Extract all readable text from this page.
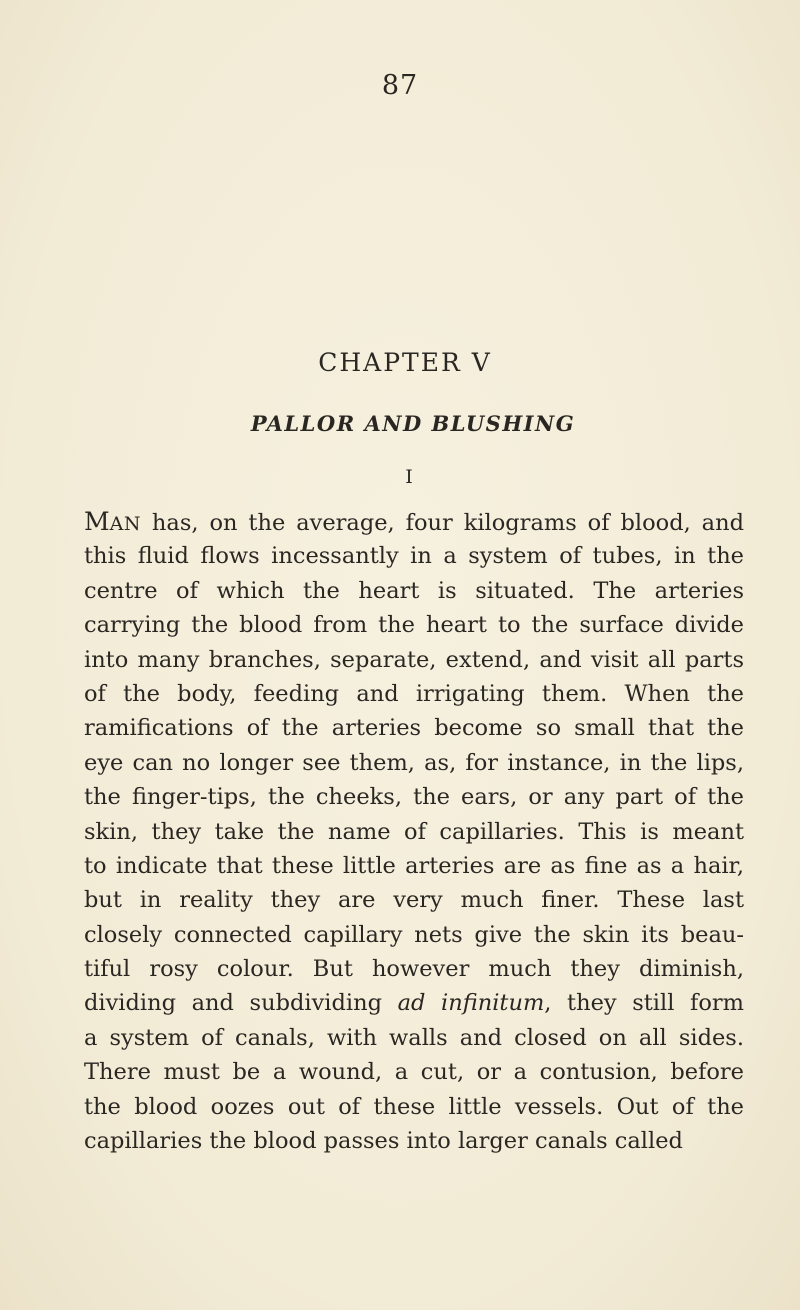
87
CHAPTER V
PALLOR AND BLUSHING
I
MAN has, on the average, four kilograms of blood, and
this fluid flows incessantly in a system of tubes, in the
centre of which the heart is situated. The arteries
carrying the blood from the heart to the surface divide
into many branches, separate, extend, and visit all parts
of the body, feeding and irrigating them. When the
ramifications of the arteries become so small that the
eye can no longer see them, as, for instance, in the lips,
the finger-tips, the cheeks, the ears, or any part of the
skin, they take the name of capillaries. This is meant
to indicate that these little arteries are as fine as a hair,
but in reality they are very much finer. These last
closely connected capillary nets give the skin its beau-
tiful rosy colour. But however much they diminish,
dividing and subdividing ad infinitum, they still form
a system of canals, with walls and closed on all sides.
There must be a wound, a cut, or a contusion, before
the blood oozes out of these little vessels. Out of the
capillaries the blood passes into larger canals called
